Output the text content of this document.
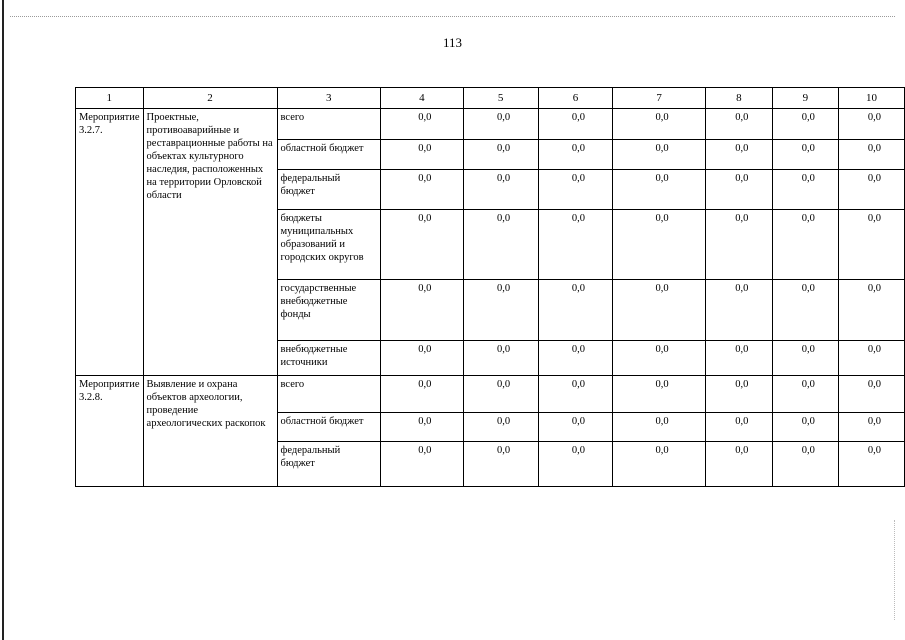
113
1	2	3	4	5	6	7	8	9	10
Мероприятие 3.2.7.	Проектные, противоаварийные и реставрационные работы на объектах культурного наследия, расположенных на территории Орловской области	всего	0,0	0,0	0,0	0,0	0,0	0,0	0,0
		областной бюджет	0,0	0,0	0,0	0,0	0,0	0,0	0,0
		федеральный бюджет	0,0	0,0	0,0	0,0	0,0	0,0	0,0
		бюджеты муниципальных образований и городских округов	0,0	0,0	0,0	0,0	0,0	0,0	0,0
		государственные внебюджетные фонды	0,0	0,0	0,0	0,0	0,0	0,0	0,0
		внебюджетные источники	0,0	0,0	0,0	0,0	0,0	0,0	0,0
Мероприятие 3.2.8.	Выявление и охрана объектов археологии, проведение археологических раскопок	всего	0,0	0,0	0,0	0,0	0,0	0,0	0,0
		областной бюджет	0,0	0,0	0,0	0,0	0,0	0,0	0,0
		федеральный бюджет	0,0	0,0	0,0	0,0	0,0	0,0	0,0
